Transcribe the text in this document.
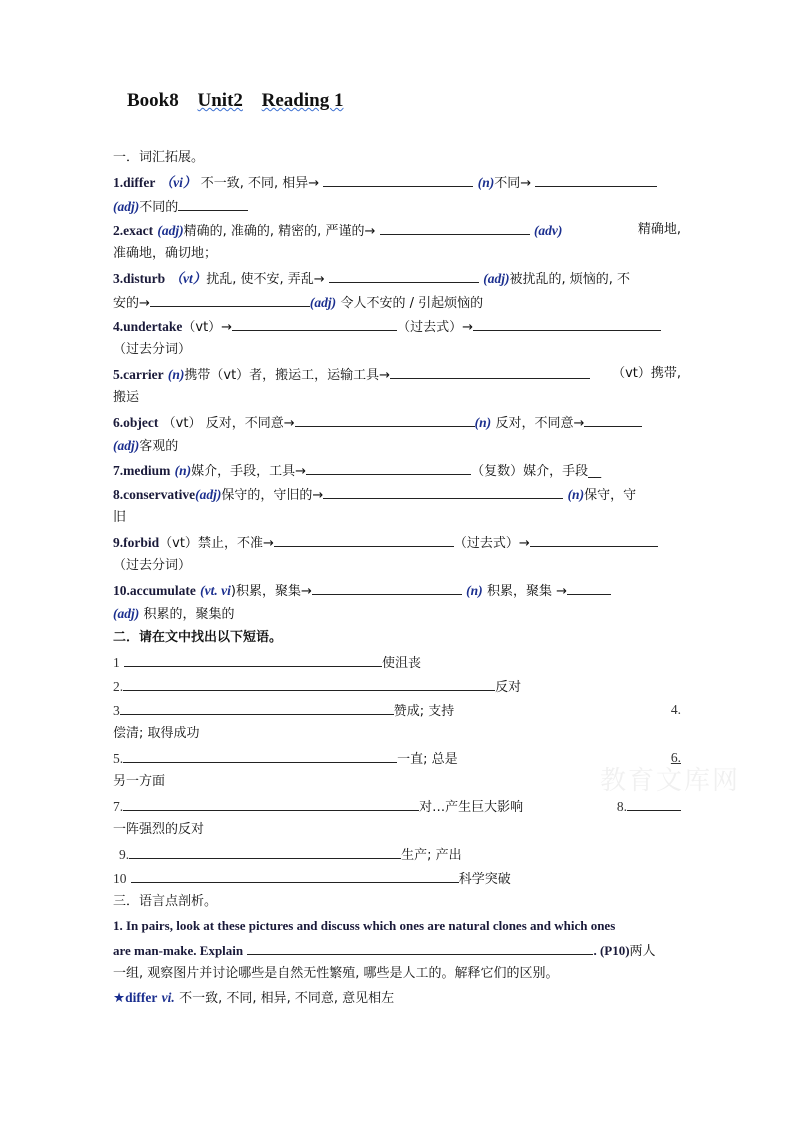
Book8 Unit2 Reading 1
一．词汇拓展。
1.differ （vi） 不一致, 不同, 相异→	(n)不同→
(adj)不同的
2.exact (adj)精确的, 准确的, 精密的, 严谨的→	(adv)	精确地,
准确地，确切地；
3.disturb （vt）扰乱, 使不安, 弄乱→	(adj)被扰乱的, 烦恼的, 不
安的→	(adj) 令人不安的 / 引起烦恼的
4.undertake（vt）→	（过去式）→
（过去分词）
5.carrier (n)携带（vt）者，搬运工，运输工具→	（vt）携带,
搬运
6.object （vt） 反对，不同意→	(n) 反对，不同意→
(adj)客观的
7.medium (n)媒介，手段，工具→	（复数）媒介，手段__
8.conservative(adj)保守的，守旧的→	(n)保守，守
旧
9.forbid（vt）禁止，不准→	（过去式）→
（过去分词）
10.accumulate (vt. vi)积累，聚集→	(n) 积累，聚集 →
(adj) 积累的，聚集的
二．请在文中找出以下短语。
1	使沮丧
2.	反对
3	赞成; 支持	4.
偿清; 取得成功
5.	一直; 总是	6.
另一方面
7.	对…产生巨大影响	8.
一阵强烈的反对
9.	生产; 产出
10	科学突破
三．语言点剖析。
1. In pairs, look at these pictures and discuss which ones are natural clones and which ones
are man-make. Explain	. (P10)两人
一组, 观察图片并讨论哪些是自然无性繁殖, 哪些是人工的。解释它们的区别。
★differ vi. 不一致, 不同, 相异, 不同意, 意见相左
教育文库网
